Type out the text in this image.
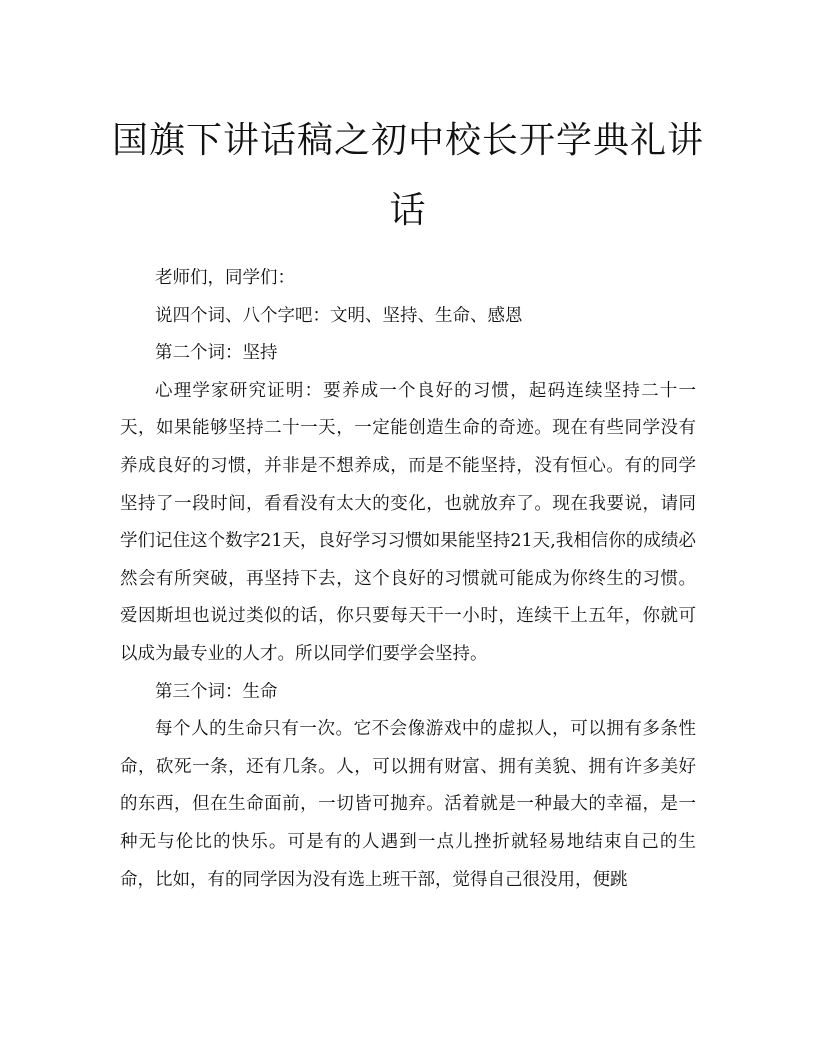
国旗下讲话稿之初中校长开学典礼讲话

老师们，同学们：

说四个词、八个字吧：文明、坚持、生命、感恩

第二个词：坚持

心理学家研究证明：要养成一个良好的习惯，起码连续坚持二十一天，如果能够坚持二十一天，一定能创造生命的奇迹。现在有些同学没有养成良好的习惯，并非是不想养成，而是不能坚持，没有恒心。有的同学坚持了一段时间，看看没有太大的变化，也就放弃了。现在我要说，请同学们记住这个数字21天，良好学习习惯如果能坚持21天,我相信你的成绩必然会有所突破，再坚持下去，这个良好的习惯就可能成为你终生的习惯。爱因斯坦也说过类似的话，你只要每天干一小时，连续干上五年，你就可以成为最专业的人才。所以同学们要学会坚持。

第三个词：生命

每个人的生命只有一次。它不会像游戏中的虚拟人，可以拥有多条性命，砍死一条，还有几条。人，可以拥有财富、拥有美貌、拥有许多美好的东西，但在生命面前，一切皆可抛弃。活着就是一种最大的幸福，是一种无与伦比的快乐。可是有的人遇到一点儿挫折就轻易地结束自己的生命，比如，有的同学因为没有选上班干部，觉得自己很没用，便跳
